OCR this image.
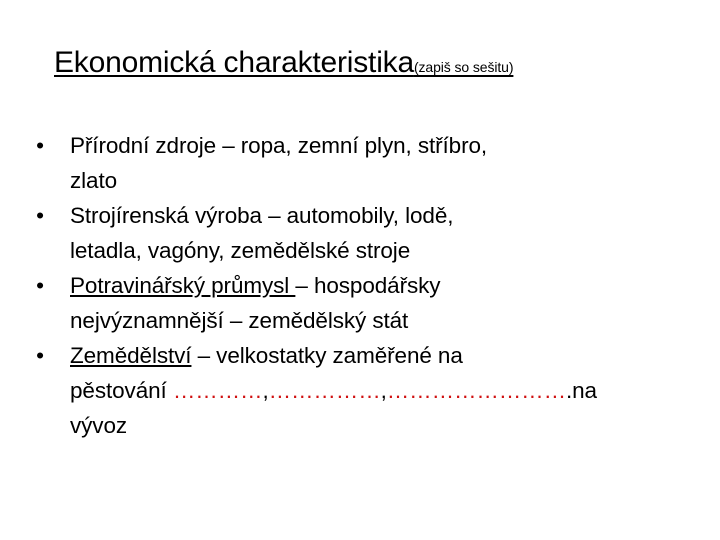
Ekonomická charakteristika(zapiš so sešitu)
• Přírodní zdroje – ropa, zemní plyn, stříbro,
zlato
• Strojírenská výroba – automobily, lodě,
letadla, vagóny, zemědělské stroje
• Potravinářský průmysl – hospodářsky
nejvýznamnější – zemědělský stát
• Zemědělství – velkostatky zaměřené na
pěstování …………,……………,…………………….na
vývoz
